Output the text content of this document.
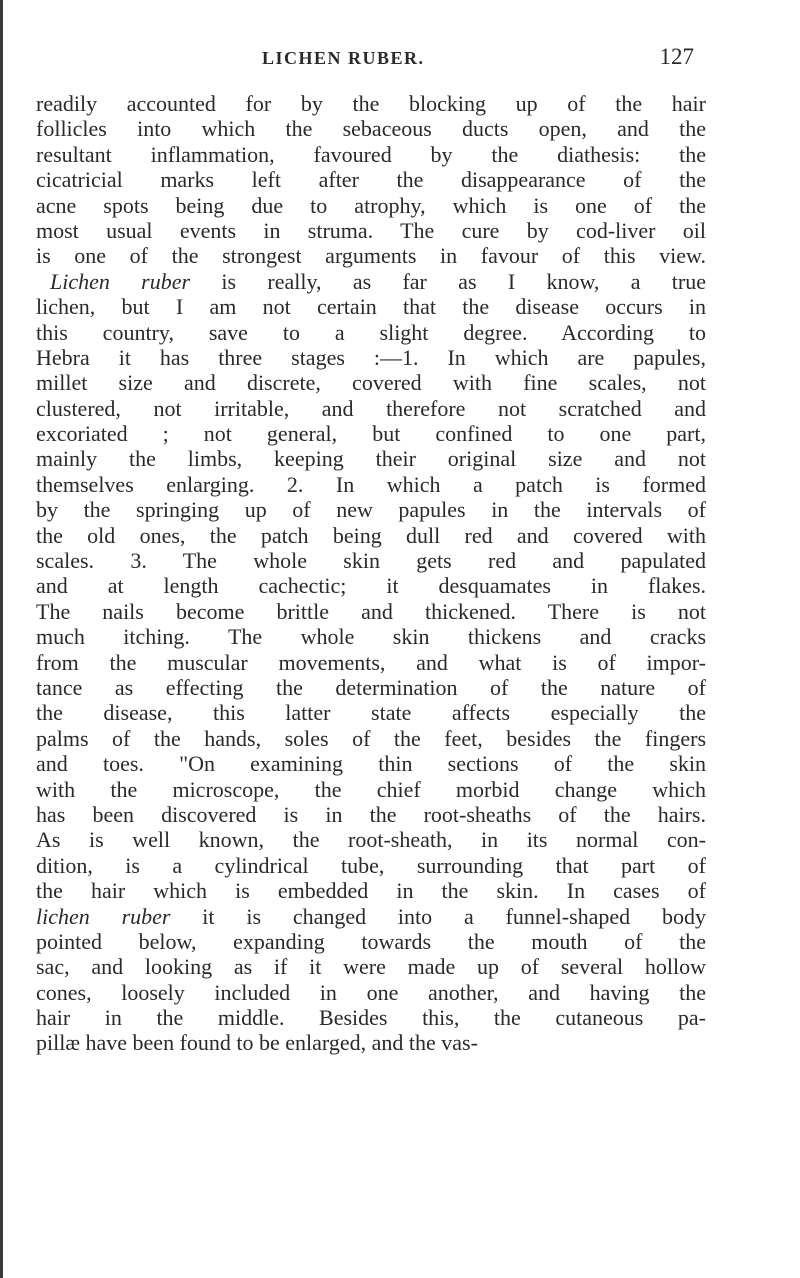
LICHEN RUBER.	127
readily accounted for by the blocking up of the hair
follicles into which the sebaceous ducts open, and the
resultant inflammation, favoured by the diathesis: the
cicatricial marks left after the disappearance of the
acne spots being due to atrophy, which is one of the
most usual events in struma. The cure by cod-liver oil
is one of the strongest arguments in favour of this view.
Lichen ruber is really, as far as I know, a true
lichen, but I am not certain that the disease occurs in
this country, save to a slight degree. According to
Hebra it has three stages :—1. In which are papules,
millet size and discrete, covered with fine scales, not
clustered, not irritable, and therefore not scratched and
excoriated ; not general, but confined to one part,
mainly the limbs, keeping their original size and not
themselves enlarging. 2. In which a patch is formed
by the springing up of new papules in the intervals of
the old ones, the patch being dull red and covered with
scales. 3. The whole skin gets red and papulated
and at length cachectic; it desquamates in flakes.
The nails become brittle and thickened. There is not
much itching. The whole skin thickens and cracks
from the muscular movements, and what is of impor-
tance as effecting the determination of the nature of
the disease, this latter state affects especially the
palms of the hands, soles of the feet, besides the fingers
and toes. "On examining thin sections of the skin
with the microscope, the chief morbid change which
has been discovered is in the root-sheaths of the hairs.
As is well known, the root-sheath, in its normal con-
dition, is a cylindrical tube, surrounding that part of
the hair which is embedded in the skin. In cases of
lichen ruber it is changed into a funnel-shaped body
pointed below, expanding towards the mouth of the
sac, and looking as if it were made up of several hollow
cones, loosely included in one another, and having the
hair in the middle. Besides this, the cutaneous pa-
pillæ have been found to be enlarged, and the vas-
